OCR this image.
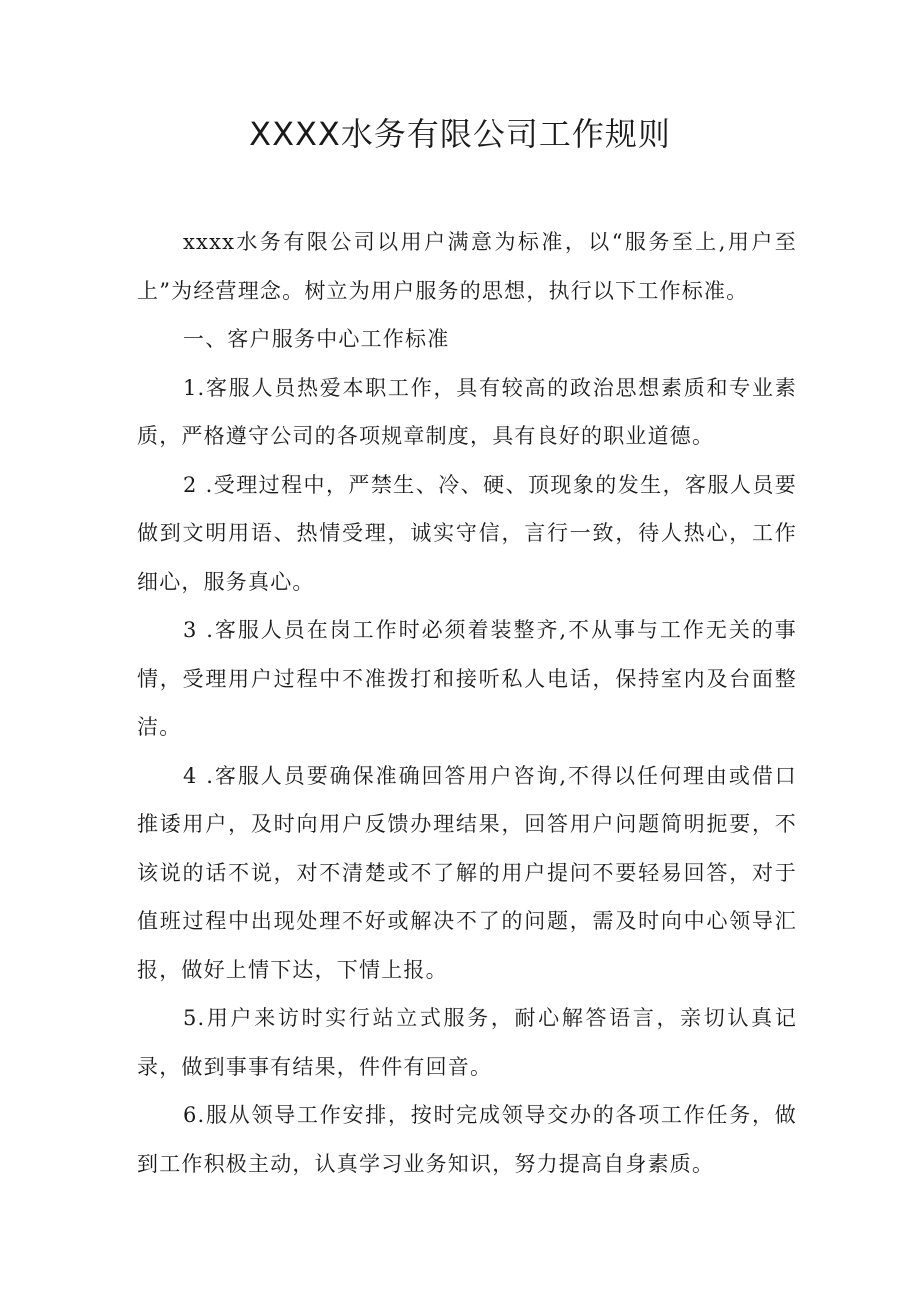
XXXX水务有限公司工作规则

xxxx水务有限公司以用户满意为标准，以“服务至上,用户至上”为经营理念。树立为用户服务的思想，执行以下工作标准。

一、客户服务中心工作标准

1.客服人员热爱本职工作，具有较高的政治思想素质和专业素质，严格遵守公司的各项规章制度，具有良好的职业道德。

2 .受理过程中，严禁生、冷、硬、顶现象的发生，客服人员要做到文明用语、热情受理，诚实守信，言行一致，待人热心，工作细心，服务真心。

3 .客服人员在岗工作时必须着装整齐,不从事与工作无关的事情，受理用户过程中不准拨打和接听私人电话，保持室内及台面整洁。

4 .客服人员要确保准确回答用户咨询,不得以任何理由或借口推诿用户，及时向用户反馈办理结果，回答用户问题简明扼要，不该说的话不说，对不清楚或不了解的用户提问不要轻易回答，对于值班过程中出现处理不好或解决不了的问题，需及时向中心领导汇报，做好上情下达，下情上报。

5.用户来访时实行站立式服务，耐心解答语言，亲切认真记录，做到事事有结果，件件有回音。

6.服从领导工作安排，按时完成领导交办的各项工作任务，做到工作积极主动，认真学习业务知识，努力提高自身素质。
